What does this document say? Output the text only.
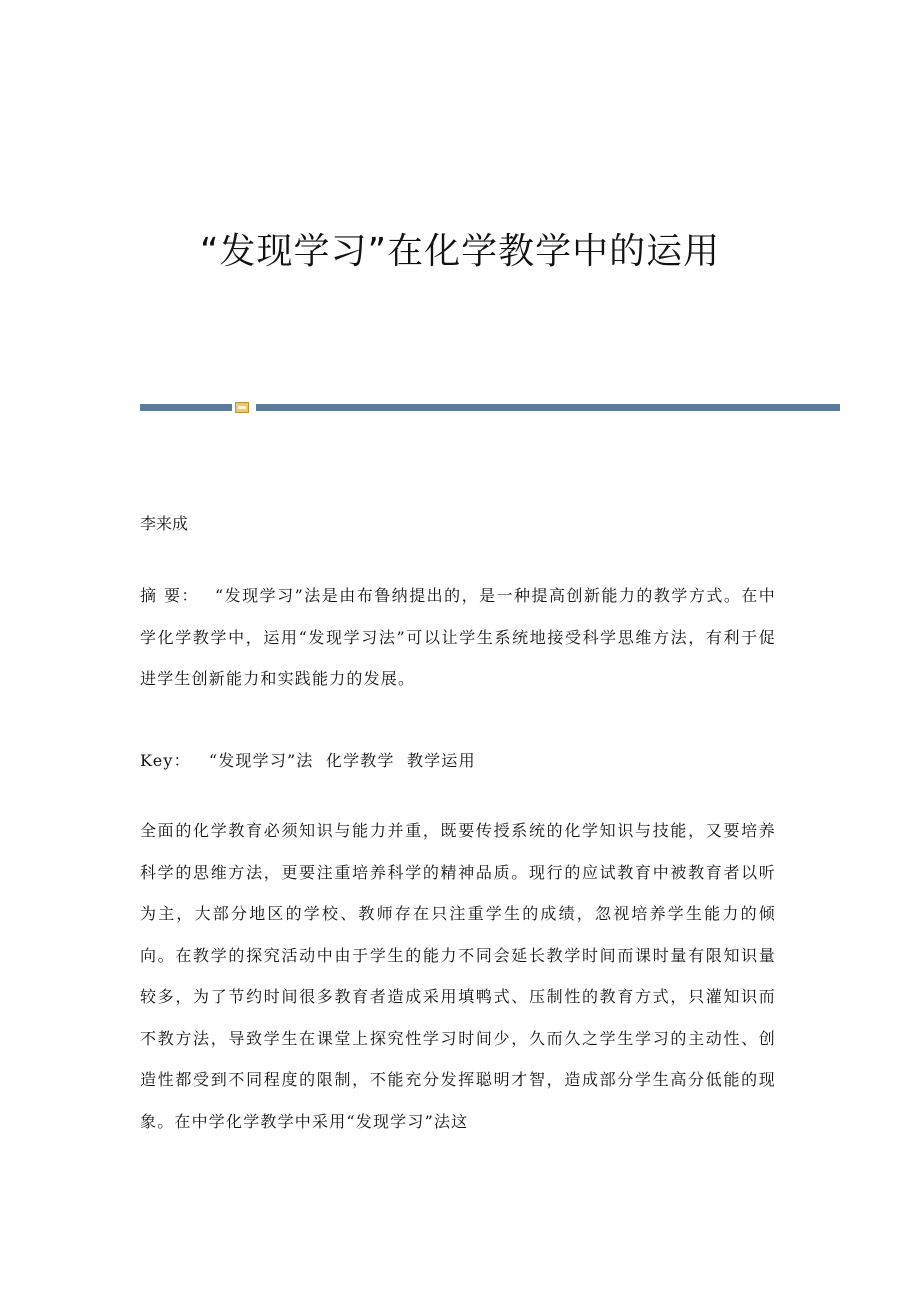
“发现学习”在化学教学中的运用
李来成
摘 要： “发现学习”法是由布鲁纳提出的，是一种提高创新能力的教学方式。在中学化学教学中，运用“发现学习法”可以让学生系统地接受科学思维方法，有利于促进学生创新能力和实践能力的发展。
Key： “发现学习”法 化学教学 教学运用
全面的化学教育必须知识与能力并重，既要传授系统的化学知识与技能，又要培养科学的思维方法，更要注重培养科学的精神品质。现行的应试教育中被教育者以听为主，大部分地区的学校、教师存在只注重学生的成绩，忽视培养学生能力的倾向。在教学的探究活动中由于学生的能力不同会延长教学时间而课时量有限知识量较多，为了节约时间很多教育者造成采用填鸭式、压制性的教育方式，只灌知识而不教方法，导致学生在课堂上探究性学习时间少，久而久之学生学习的主动性、创造性都受到不同程度的限制，不能充分发挥聪明才智，造成部分学生高分低能的现象。在中学化学教学中采用“发现学习”法这
